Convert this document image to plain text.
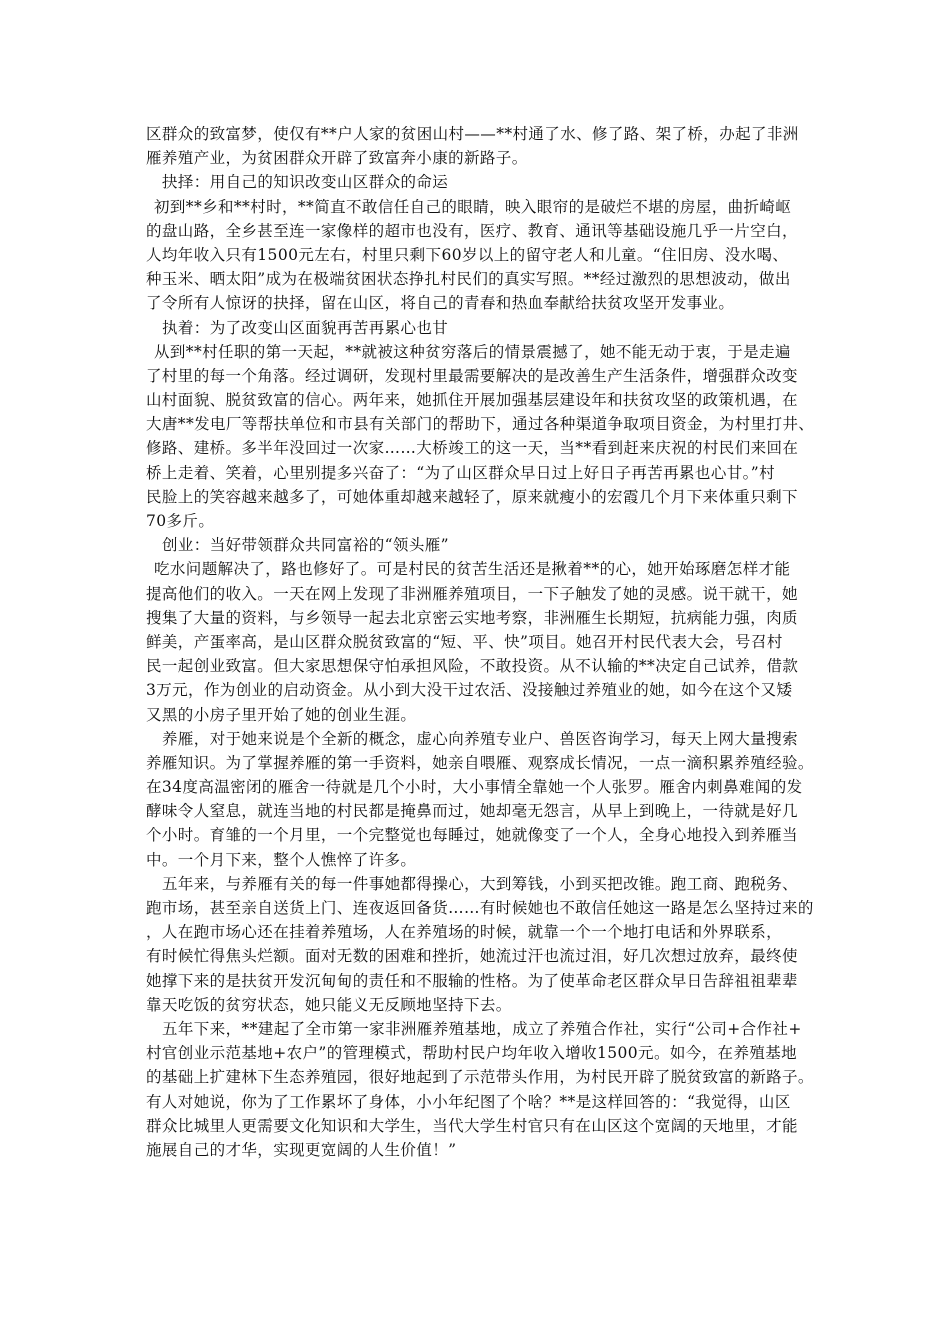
区群众的致富梦，使仅有**户人家的贫困山村——**村通了水、修了路、架了桥，办起了非洲
雁养殖产业，为贫困群众开辟了致富奔小康的新路子。
抉择：用自己的知识改变山区群众的命运
初到**乡和**村时，**简直不敢信任自己的眼睛，映入眼帘的是破烂不堪的房屋，曲折崎岖
的盘山路，全乡甚至连一家像样的超市也没有，医疗、教育、通讯等基础设施几乎一片空白，
人均年收入只有1500元左右，村里只剩下60岁以上的留守老人和儿童。“住旧房、没水喝、
种玉米、晒太阳”成为在极端贫困状态挣扎村民们的真实写照。**经过激烈的思想波动，做出
了令所有人惊讶的抉择，留在山区，将自己的青春和热血奉献给扶贫攻坚开发事业。
执着：为了改变山区面貌再苦再累心也甘
从到**村任职的第一天起，**就被这种贫穷落后的情景震撼了，她不能无动于衷，于是走遍
了村里的每一个角落。经过调研，发现村里最需要解决的是改善生产生活条件，增强群众改变
山村面貌、脱贫致富的信心。两年来，她抓住开展加强基层建设年和扶贫攻坚的政策机遇，在
大唐**发电厂等帮扶单位和市县有关部门的帮助下，通过各种渠道争取项目资金，为村里打井、
修路、建桥。多半年没回过一次家……大桥竣工的这一天，当**看到赶来庆祝的村民们来回在
桥上走着、笑着，心里别提多兴奋了：“为了山区群众早日过上好日子再苦再累也心甘。”村
民脸上的笑容越来越多了，可她体重却越来越轻了，原来就瘦小的宏霞几个月下来体重只剩下
70多斤。
创业：当好带领群众共同富裕的“领头雁”
吃水问题解决了，路也修好了。可是村民的贫苦生活还是揪着**的心，她开始琢磨怎样才能
提高他们的收入。一天在网上发现了非洲雁养殖项目，一下子触发了她的灵感。说干就干，她
搜集了大量的资料，与乡领导一起去北京密云实地考察，非洲雁生长期短，抗病能力强，肉质
鲜美，产蛋率高，是山区群众脱贫致富的“短、平、快”项目。她召开村民代表大会，号召村
民一起创业致富。但大家思想保守怕承担风险，不敢投资。从不认输的**决定自己试养，借款
3万元，作为创业的启动资金。从小到大没干过农活、没接触过养殖业的她，如今在这个又矮
又黑的小房子里开始了她的创业生涯。
养雁，对于她来说是个全新的概念，虚心向养殖专业户、兽医咨询学习，每天上网大量搜索
养雁知识。为了掌握养雁的第一手资料，她亲自喂雁、观察成长情况，一点一滴积累养殖经验。
在34度高温密闭的雁舍一待就是几个小时，大小事情全靠她一个人张罗。雁舍内刺鼻难闻的发
酵味令人窒息，就连当地的村民都是掩鼻而过，她却毫无怨言，从早上到晚上，一待就是好几
个小时。育雏的一个月里，一个完整觉也每睡过，她就像变了一个人，全身心地投入到养雁当
中。一个月下来，整个人憔悴了许多。
五年来，与养雁有关的每一件事她都得操心，大到筹钱，小到买把改锥。跑工商、跑税务、
跑市场，甚至亲自送货上门、连夜返回备货……有时候她也不敢信任她这一路是怎么坚持过来的
，人在跑市场心还在挂着养殖场，人在养殖场的时候，就靠一个一个地打电话和外界联系，
有时候忙得焦头烂额。面对无数的困难和挫折，她流过汗也流过泪，好几次想过放弃，最终使
她撑下来的是扶贫开发沉甸甸的责任和不服输的性格。为了使革命老区群众早日告辞祖祖辈辈
靠天吃饭的贫穷状态，她只能义无反顾地坚持下去。
五年下来，**建起了全市第一家非洲雁养殖基地，成立了养殖合作社，实行“公司+合作社+
村官创业示范基地+农户”的管理模式，帮助村民户均年收入增收1500元。如今，在养殖基地
的基础上扩建林下生态养殖园，很好地起到了示范带头作用，为村民开辟了脱贫致富的新路子。
有人对她说，你为了工作累坏了身体，小小年纪图了个啥？**是这样回答的：“我觉得，山区
群众比城里人更需要文化知识和大学生，当代大学生村官只有在山区这个宽阔的天地里，才能
施展自己的才华，实现更宽阔的人生价值！”
